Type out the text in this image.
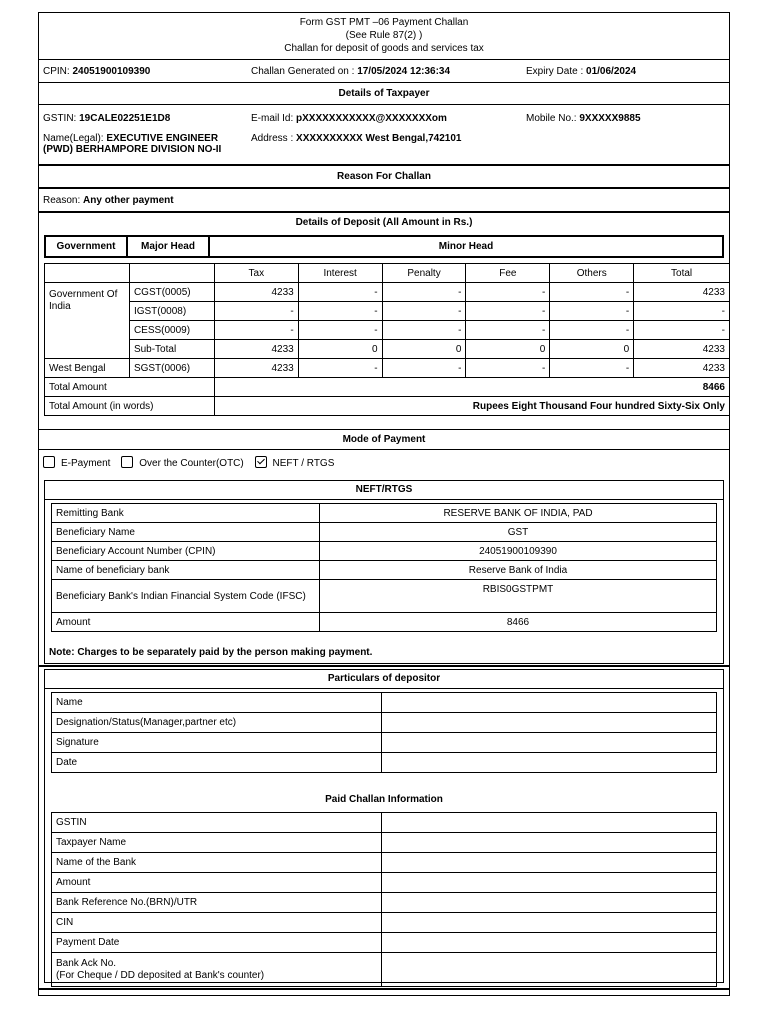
Form GST PMT –06 Payment Challan
(See Rule 87(2) )
Challan for deposit of goods and services tax
CPIN: 24051900109390	Challan Generated on : 17/05/2024 12:36:34	Expiry Date : 01/06/2024
Details of Taxpayer
GSTIN: 19CALE02251E1D8	E-mail Id: pXXXXXXXXXXX@XXXXXXXom	Mobile No.: 9XXXXX9885
Name(Legal): EXECUTIVE ENGINEER
(PWD) BERHAMPORE DIVISION NO-II
Address : XXXXXXXXXX West Bengal,742101
Reason For Challan
Reason: Any other payment
Details of Deposit (All Amount in Rs.)
Government	Major Head	Minor Head
		Tax	Interest	Penalty	Fee	Others	Total
Government Of India	CGST(0005)	4233	-	-	-	-	4233
	IGST(0008)	-	-	-	-	-	-
	CESS(0009)	-	-	-	-	-	-
	Sub-Total	4233	0	0	0	0	4233
West Bengal	SGST(0006)	4233	-	-	-	-	4233
Total Amount		8466					
Total Amount (in words)		Rupees Eight Thousand Four hundred Sixty-Six Only					
Mode of Payment
E-Payment	Over the Counter(OTC)	NEFT / RTGS
NEFT/RTGS
Remitting Bank	RESERVE BANK OF INDIA, PAD
Beneficiary Name	GST
Beneficiary Account Number (CPIN)	24051900109390
Name of beneficiary bank	Reserve Bank of India
Beneficiary Bank's Indian Financial System Code (IFSC)	RBIS0GSTPMT
Amount	8466
Note: Charges to be separately paid by the person making payment.
Particulars of depositor
Name	
Designation/Status(Manager,partner etc)	
Signature	
Date	
Paid Challan Information
GSTIN	
Taxpayer Name	
Name of the Bank	
Amount	
Bank Reference No.(BRN)/UTR	
CIN	
Payment Date	
Bank Ack No.
(For Cheque / DD deposited at Bank's counter)	
